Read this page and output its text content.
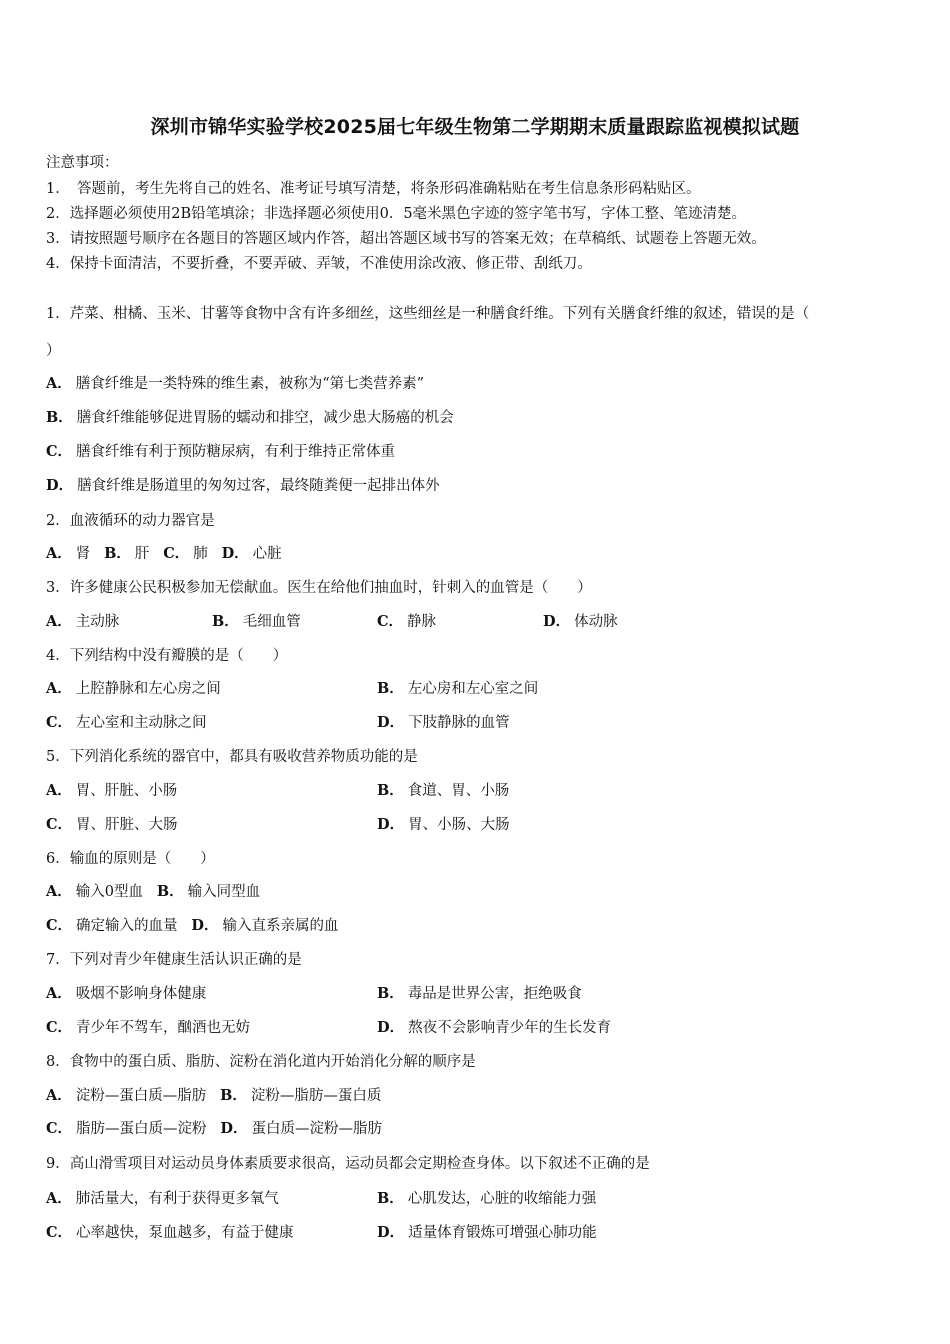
深圳市锦华实验学校2025届七年级生物第二学期期末质量跟踪监视模拟试题
注意事项：
1．　答题前，考生先将自己的姓名、准考证号填写清楚，将条形码准确粘贴在考生信息条形码粘贴区。
2．选择题必须使用2B铅笔填涂；非选择题必须使用0．5毫米黑色字迹的签字笔书写，字体工整、笔迹清楚。
3．请按照题号顺序在各题目的答题区域内作答，超出答题区域书写的答案无效；在草稿纸、试题卷上答题无效。
4．保持卡面清洁，不要折叠，不要弄破、弄皱，不准使用涂改液、修正带、刮纸刀。
1．芹菜、柑橘、玉米、甘薯等食物中含有许多细丝，这些细丝是一种膳食纤维。下列有关膳食纤维的叙述，错误的是（
）
A． 膳食纤维是一类特殊的维生素，被称为“第七类营养素”
B． 膳食纤维能够促进胃肠的蠕动和排空，减少患大肠癌的机会
C． 膳食纤维有利于预防糖尿病，有利于维持正常体重
D． 膳食纤维是肠道里的匆匆过客，最终随粪便一起排出体外
2．血液循环的动力器官是
A． 肾 B． 肝 C． 肺 D． 心脏
3．许多健康公民积极参加无偿献血。医生在给他们抽血时，针刺入的血管是（　　）
A． 主动脉	B． 毛细血管	C． 静脉	D． 体动脉
4．下列结构中没有瓣膜的是（　　）
A． 上腔静脉和左心房之间	B． 左心房和左心室之间
C． 左心室和主动脉之间	D． 下肢静脉的血管
5．下列消化系统的器官中，都具有吸收营养物质功能的是
A． 胃、肝脏、小肠	B． 食道、胃、小肠
C． 胃、肝脏、大肠	D． 胃、小肠、大肠
6．输血的原则是（　　）
A． 输入0型血 B． 输入同型血
C． 确定输入的血量 D． 输入直系亲属的血
7．下列对青少年健康生活认识正确的是
A． 吸烟不影响身体健康	B． 毒品是世界公害，拒绝吸食
C． 青少年不驾车，酗酒也无妨	D． 熬夜不会影响青少年的生长发育
8．食物中的蛋白质、脂肪、淀粉在消化道内开始消化分解的顺序是
A． 淀粉—蛋白质—脂肪 B． 淀粉—脂肪—蛋白质
C． 脂肪—蛋白质—淀粉 D． 蛋白质—淀粉—脂肪
9．高山滑雪项目对运动员身体素质要求很高，运动员都会定期检查身体。以下叙述不正确的是
A． 肺活量大，有利于获得更多氧气	B． 心肌发达，心脏的收缩能力强
C． 心率越快，泵血越多，有益于健康	D． 适量体育锻炼可增强心肺功能
